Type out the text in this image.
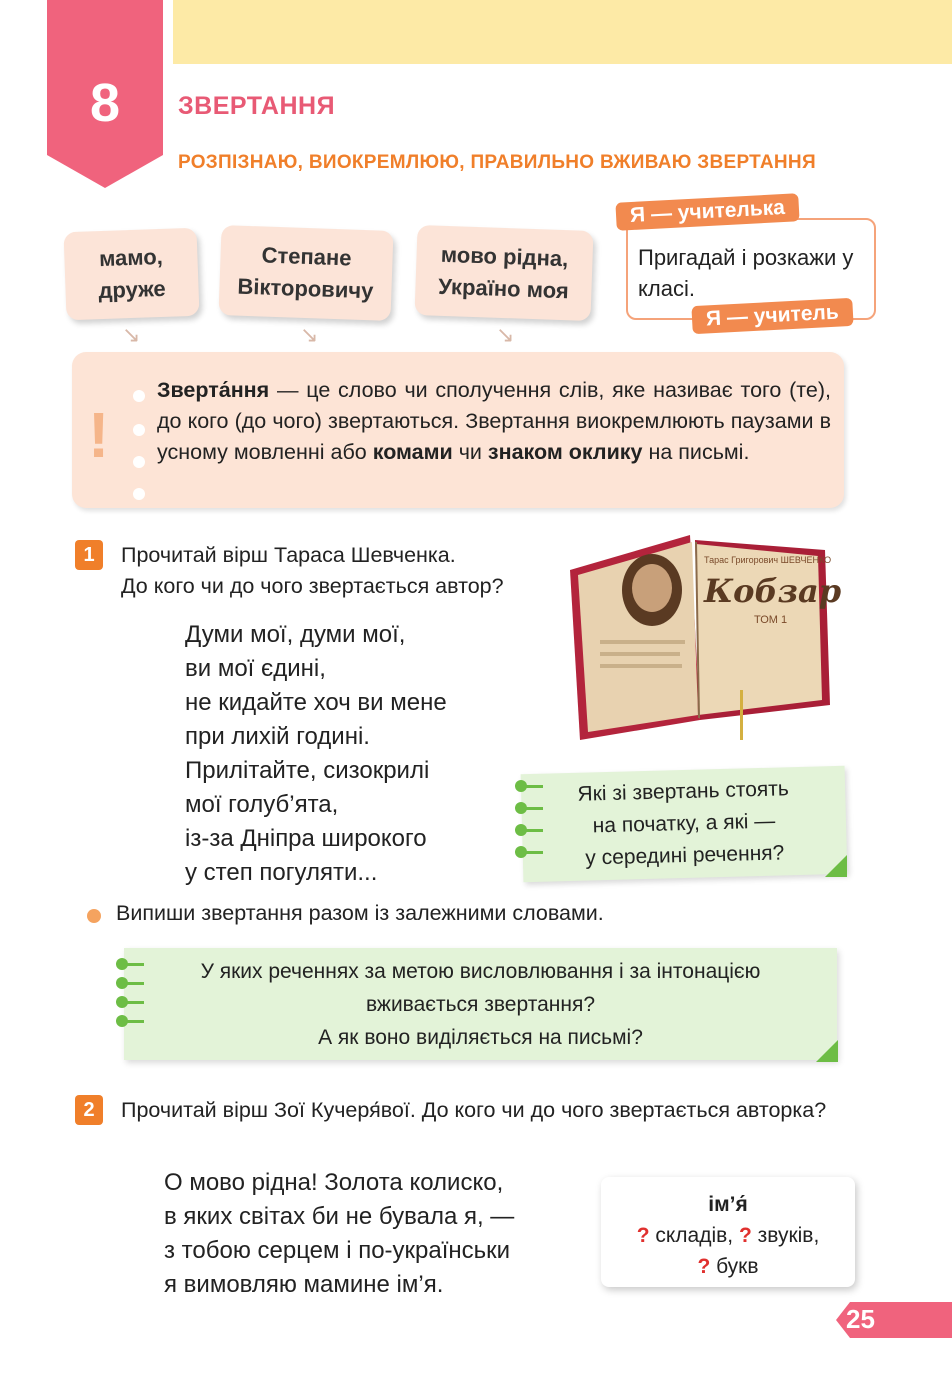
8	ЗВЕРТАННЯ
РОЗПІЗНАЮ, ВИОКРЕМЛЮЮ, ПРАВИЛЬНО ВЖИВАЮ ЗВЕРТАННЯ
мамо,
друже
Степане
Вікторовичу
мово рідна,
Україно моя
↘	↘	↘
Пригадай і розкажи у класі.
Я — учителька
Я — учитель
!
Зверта́ння — це слово чи сполучення слів, яке називає того (те), до кого (до чого) звертаються. Звертання виокремлюють паузами в усному мовленні або комами чи знаком оклику на письмі.
1	Прочитай вірш Тараса Шевченка.
До кого чи до чого звертається автор?
Думи мої, думи мої,
ви мої єдині,
не кидайте хоч ви мене
при лихій годині.
Прилітайте, сизокрилі
мої голуб’ята,
із-за Дніпра широкого
у степ погуляти...
Тарас Григорович ШЕВЧЕНКО
Кобзар
ТОМ 1
Які зі звертань стоять
на початку, а які —
у середині речення?
Випиши звертання разом із залежними словами.
У яких реченнях за метою висловлювання і за інтонацією
вживається звертання?
А як воно виділяється на письмі?
2	Прочитай вірш Зої Кучеря́вої. До кого чи до чого звертається авторка?
О мово рідна! Золота колиско,
в яких світах би не бувала я, —
з тобою серцем і по-українськи
я вимовляю мамине ім’я.
ім’я́
? складів, ? звуків,
? букв
25
